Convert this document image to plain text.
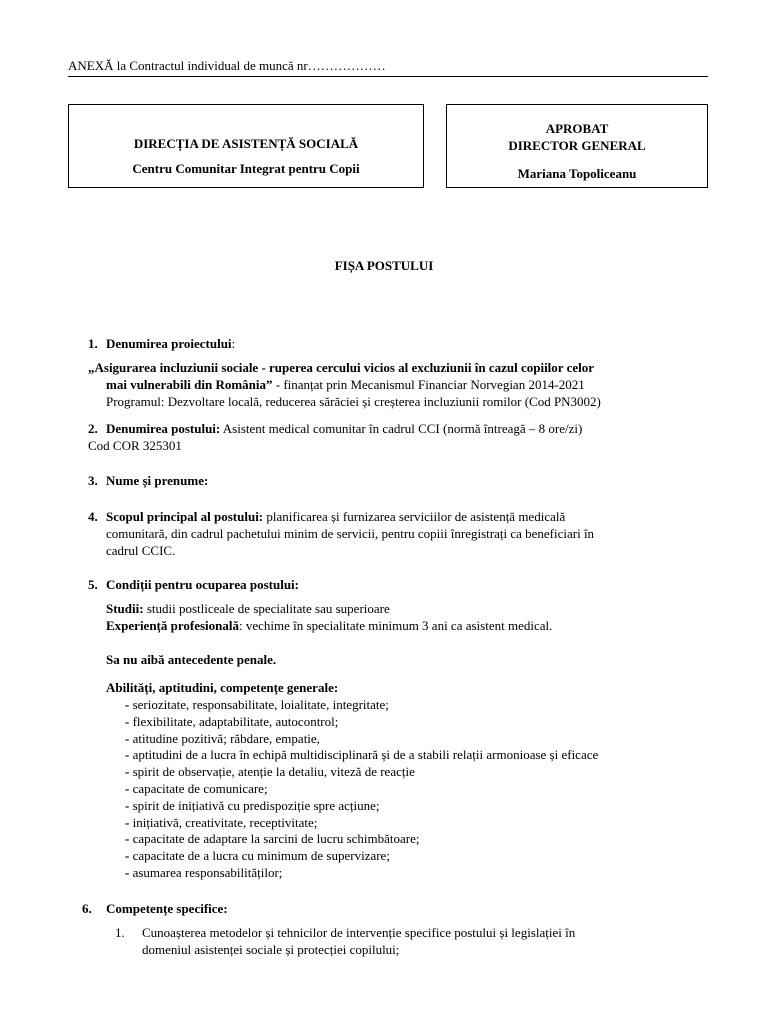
ANEXĂ la Contractul individual de muncă nr………………
DIRECȚIA DE ASISTENȚĂ SOCIALĂ
Centru Comunitar Integrat pentru Copii
APROBAT
DIRECTOR GENERAL
Mariana Topoliceanu
FIȘA POSTULUI
1. Denumirea proiectului:
„Asigurarea incluziunii sociale - ruperea cercului vicios al excluziunii în cazul copiilor celor
mai vulnerabili din România” - finanțat prin Mecanismul Financiar Norvegian 2014-2021
Programul: Dezvoltare locală, reducerea sărăciei și creșterea incluziunii romilor (Cod PN3002)
2. Denumirea postului: Asistent medical comunitar în cadrul CCI (normă întreagă – 8 ore/zi)
Cod COR 325301
3. Nume și prenume:
4. Scopul principal al postului: planificarea și furnizarea serviciilor de asistență medicală
comunitară, din cadrul pachetului minim de servicii, pentru copiii înregistrați ca beneficiari în
cadrul CCIC.
5. Condiții pentru ocuparea postului:
Studii: studii postliceale de specialitate sau superioare
Experiență profesională: vechime în specialitate minimum 3 ani ca asistent medical.
Sa nu aibă antecedente penale.
Abilități, aptitudini, competențe generale:
- seriozitate, responsabilitate, loialitate, integritate;
- flexibilitate, adaptabilitate, autocontrol;
- atitudine pozitivă; răbdare, empatie,
- aptitudini de a lucra în echipă multidisciplinară și de a stabili relații armonioase și eficace
- spirit de observație, atenție la detaliu, viteză de reacție
- capacitate de comunicare;
- spirit de inițiativă cu predispoziție spre acțiune;
- inițiativă, creativitate, receptivitate;
- capacitate de adaptare la sarcini de lucru schimbătoare;
- capacitate de a lucra cu minimum de supervizare;
- asumarea responsabilităților;
6. Competențe specifice:
1. Cunoașterea metodelor și tehnicilor de intervenție specifice postului și legislației în
domeniul asistenței sociale și protecției copilului;
